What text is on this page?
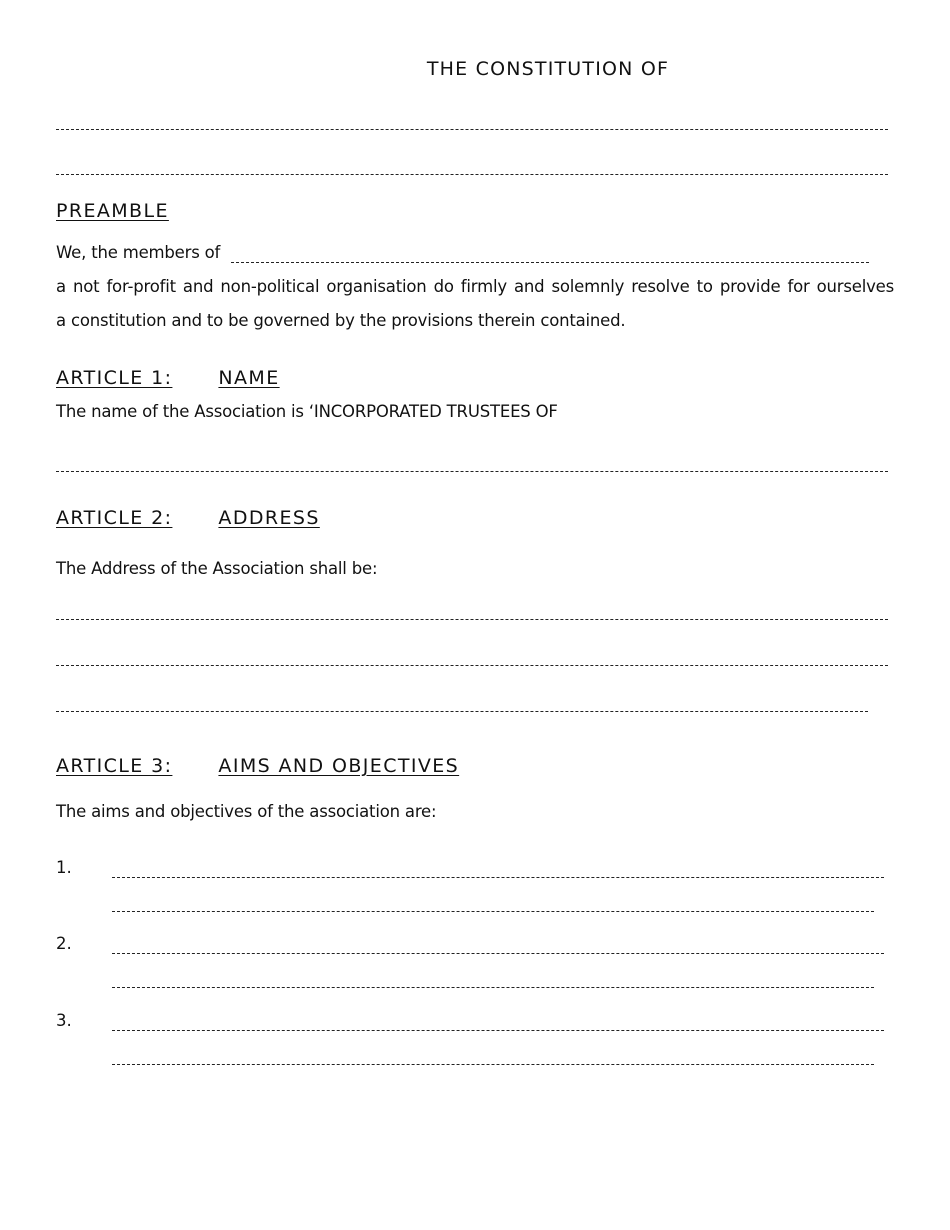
THE CONSTITUTION OF
PREAMBLE
We, the members of
a not for-profit and non-political organisation do firmly and solemnly resolve to provide for ourselves
a constitution and to be governed by the provisions therein contained.
ARTICLE 1: NAME
The name of the Association is ‘INCORPORATED TRUSTEES OF
ARTICLE 2: ADDRESS
The Address of the Association shall be:
ARTICLE 3: AIMS AND OBJECTIVES
The aims and objectives of the association are:
1.
2.
3.
